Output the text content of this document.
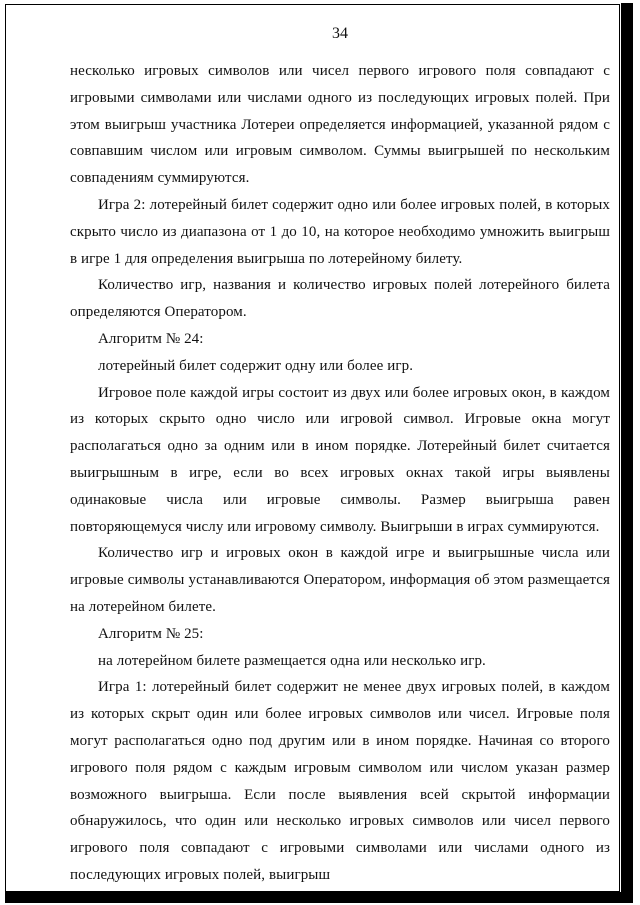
34

несколько игровых символов или чисел первого игрового поля совпадают с игровыми символами или числами одного из последующих игровых полей. При этом выигрыш участника Лотереи определяется информацией, указанной рядом с совпавшим числом или игровым символом. Суммы выигрышей по нескольким совпадениям суммируются.

Игра 2: лотерейный билет содержит одно или более игровых полей, в которых скрыто число из диапазона от 1 до 10, на которое необходимо умножить выигрыш в игре 1 для определения выигрыша по лотерейному билету.

Количество игр, названия и количество игровых полей лотерейного билета определяются Оператором.

Алгоритм № 24:

лотерейный билет содержит одну или более игр.

Игровое поле каждой игры состоит из двух или более игровых окон, в каждом из которых скрыто одно число или игровой символ. Игровые окна могут располагаться одно за одним или в ином порядке. Лотерейный билет считается выигрышным в игре, если во всех игровых окнах такой игры выявлены одинаковые числа или игровые символы. Размер выигрыша равен повторяющемуся числу или игровому символу. Выигрыши в играх суммируются.

Количество игр и игровых окон в каждой игре и выигрышные числа или игровые символы устанавливаются Оператором, информация об этом размещается на лотерейном билете.

Алгоритм № 25:

на лотерейном билете размещается одна или несколько игр.

Игра 1: лотерейный билет содержит не менее двух игровых полей, в каждом из которых скрыт один или более игровых символов или чисел. Игровые поля могут располагаться одно под другим или в ином порядке. Начиная со второго игрового поля рядом с каждым игровым символом или числом указан размер возможного выигрыша. Если после выявления всей скрытой информации обнаружилось, что один или несколько игровых символов или чисел первого игрового поля совпадают с игровыми символами или числами одного из последующих игровых полей, выигрыш
